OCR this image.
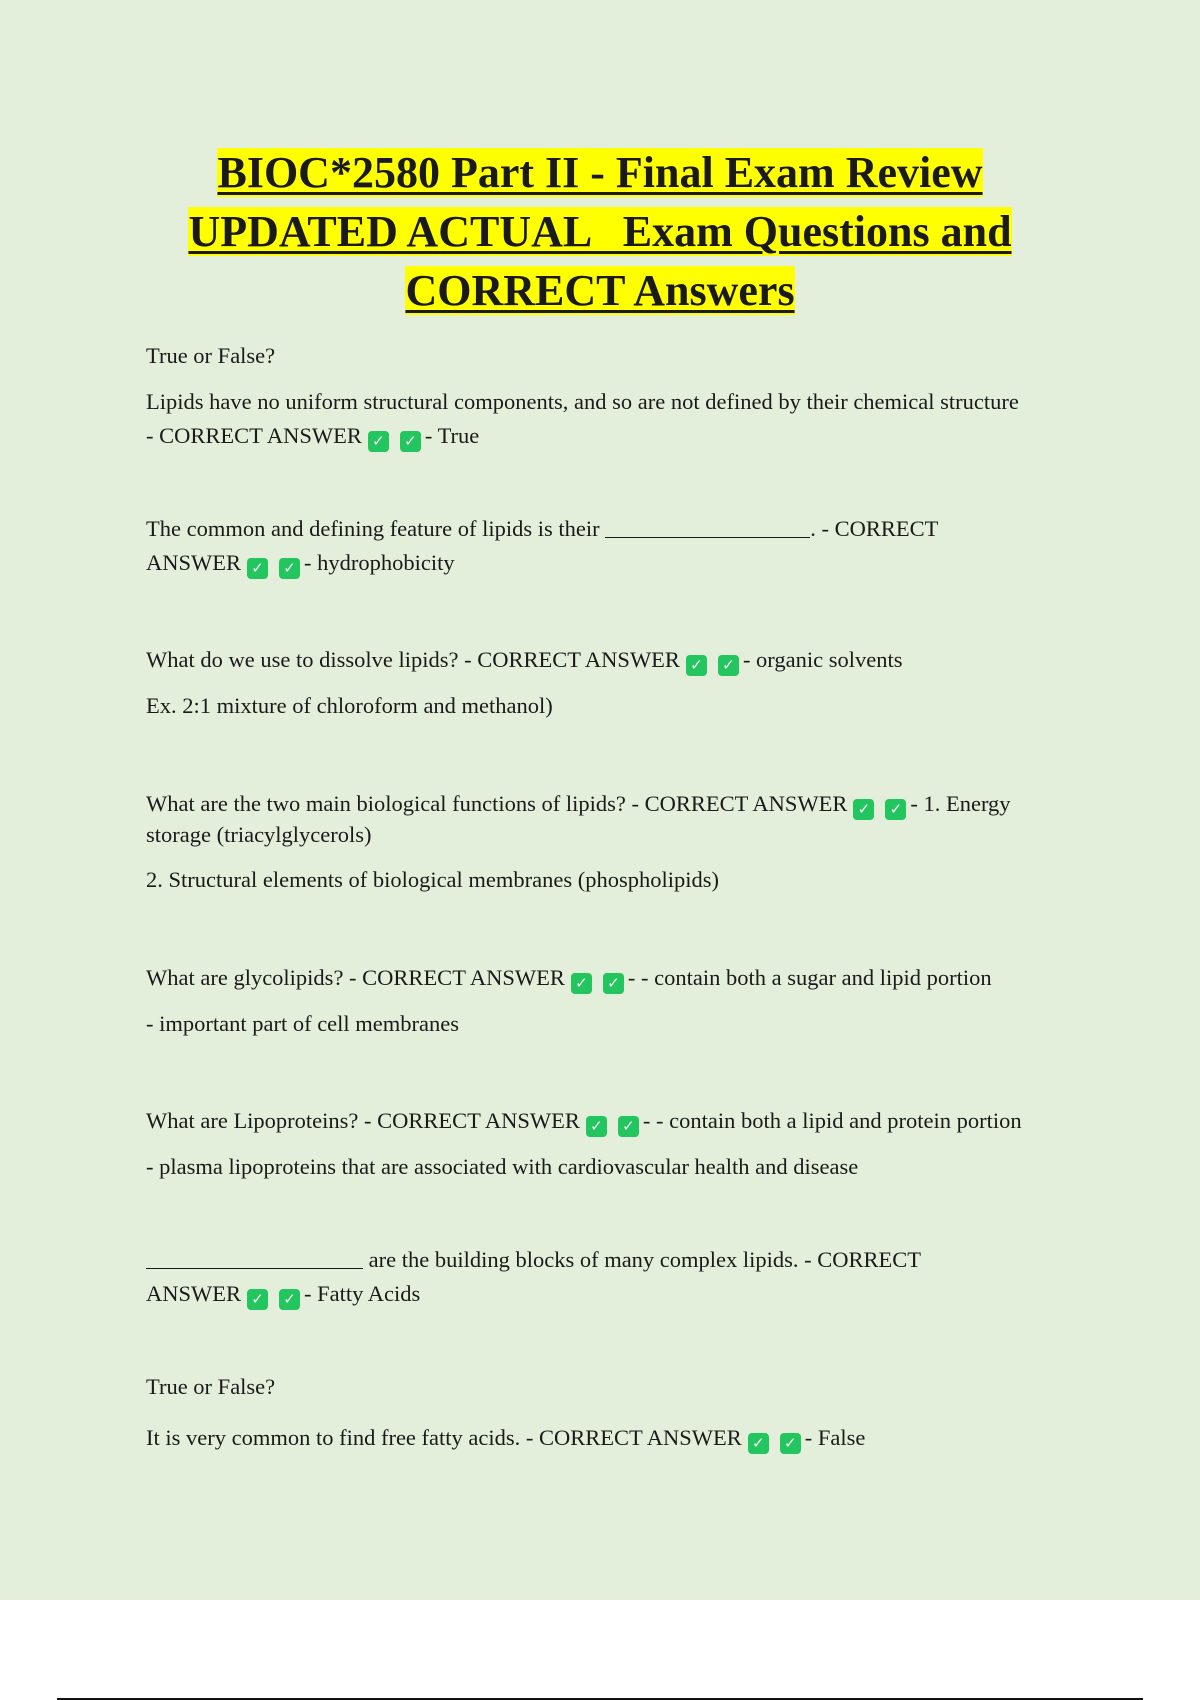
BIOC*2580 Part II - Final Exam Review
UPDATED ACTUAL   Exam Questions and
CORRECT Answers
True or False?
Lipids have no uniform structural components, and so are not defined by their chemical structure
- CORRECT ANSWER ✓ ✓ - True
The common and defining feature of lipids is their	. - CORRECT
ANSWER ✓ ✓ - hydrophobicity
What do we use to dissolve lipids? - CORRECT ANSWER ✓ ✓ - organic solvents
Ex. 2:1 mixture of chloroform and methanol)
What are the two main biological functions of lipids? - CORRECT ANSWER ✓ ✓ - 1. Energy
storage (triacylglycerols)
2. Structural elements of biological membranes (phospholipids)
What are glycolipids? - CORRECT ANSWER ✓ ✓ - - contain both a sugar and lipid portion
- important part of cell membranes
What are Lipoproteins? - CORRECT ANSWER ✓ ✓ - - contain both a lipid and protein portion
- plasma lipoproteins that are associated with cardiovascular health and disease
are the building blocks of many complex lipids. - CORRECT
ANSWER ✓ ✓ - Fatty Acids
True or False?
It is very common to find free fatty acids. - CORRECT ANSWER ✓ ✓ - False
